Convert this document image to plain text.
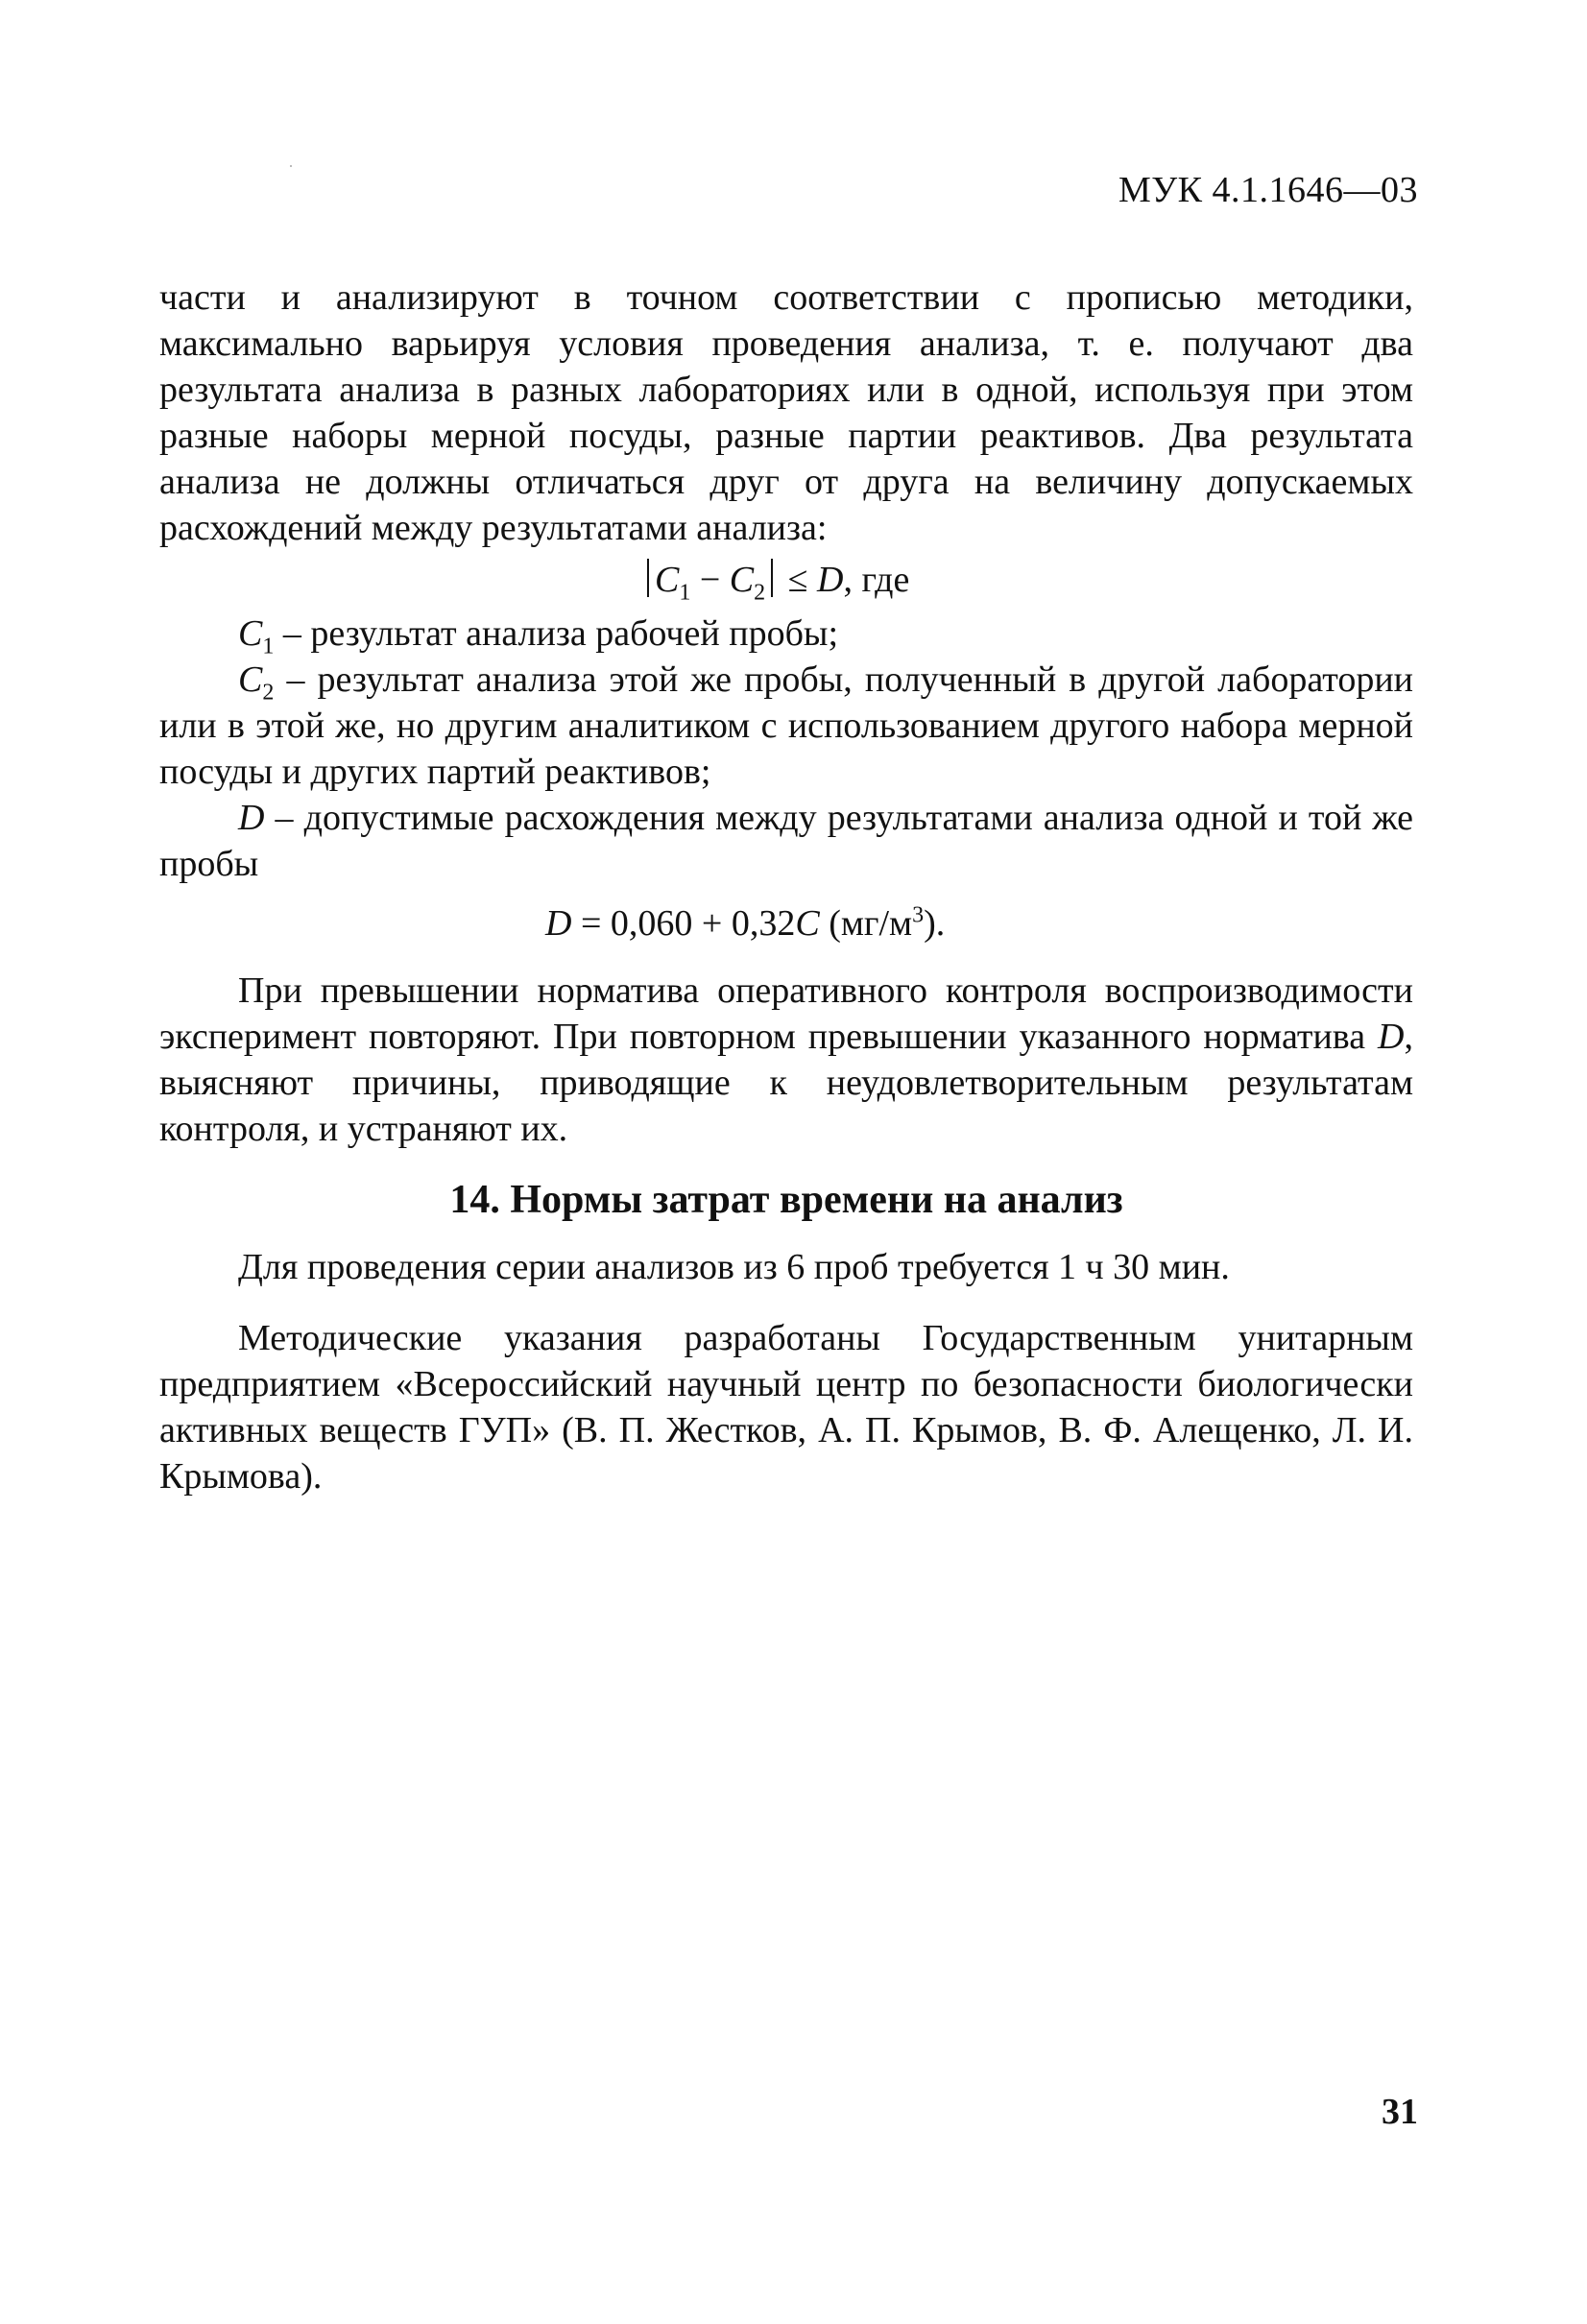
МУК 4.1.1646—03

части и анализируют в точном соответствии с прописью методики, максимально варьируя условия проведения анализа, т. е. получают два результата анализа в разных лабораториях или в одной, используя при этом разные наборы мерной посуды, разные партии реактивов. Два результата анализа не должны отличаться друг от друга на величину допускаемых расхождений между результатами анализа:

$C_1 - C_2 \le D$, где

$C_1$ – результат анализа рабочей пробы;

$C_2$ – результат анализа этой же пробы, полученный в другой лаборатории или в этой же, но другим аналитиком с использованием другого набора мерной посуды и других партий реактивов;

D – допустимые расхождения между результатами анализа одной и той же пробы

D = 0,060 + 0,32C $(мг/м^3)$.

При превышении норматива оперативного контроля воспроизводимости эксперимент повторяют. При повторном превышении указанного норматива D, выясняют причины, приводящие к неудовлетворительным результатам контроля, и устраняют их.

14. Нормы затрат времени на анализ

Для проведения серии анализов из 6 проб требуется 1 ч 30 мин.

Методические указания разработаны Государственным унитарным предприятием «Всероссийский научный центр по безопасности биологически активных веществ ГУП» (В. П. Жестков, А. П. Крымов, В. Ф. Алещенко, Л. И. Крымова).

31
